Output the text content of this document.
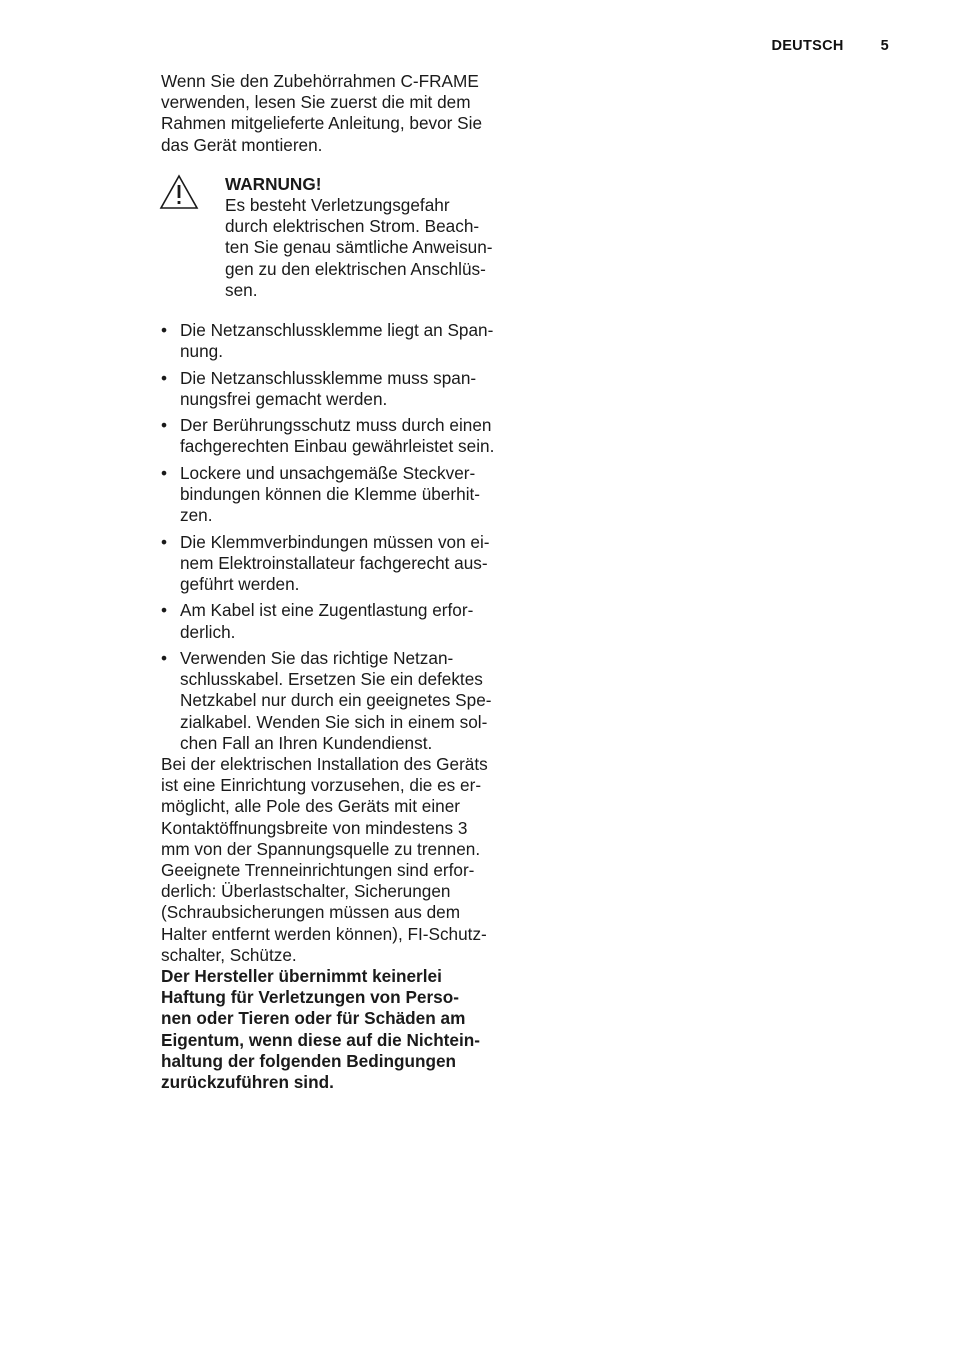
DEUTSCH	5

Wenn Sie den Zubehörrahmen C-FRAME
verwenden, lesen Sie zuerst die mit dem
Rahmen mitgelieferte Anleitung, bevor Sie
das Gerät montieren.

WARNUNG!
Es besteht Verletzungsgefahr
durch elektrischen Strom. Beach-
ten Sie genau sämtliche Anweisun-
gen zu den elektrischen Anschlüs-
sen.
• Die Netzanschlussklemme liegt an Span-
nung.
• Die Netzanschlussklemme muss span-
nungsfrei gemacht werden.
• Der Berührungsschutz muss durch einen
fachgerechten Einbau gewährleistet sein.
• Lockere und unsachgemäße Steckver-
bindungen können die Klemme überhit-
zen.
• Die Klemmverbindungen müssen von ei-
nem Elektroinstallateur fachgerecht aus-
geführt werden.
• Am Kabel ist eine Zugentlastung erfor-
derlich.
• Verwenden Sie das richtige Netzan-
schlusskabel. Ersetzen Sie ein defektes
Netzkabel nur durch ein geeignetes Spe-
zialkabel. Wenden Sie sich in einem sol-
chen Fall an Ihren Kundendienst.

Bei der elektrischen Installation des Geräts
ist eine Einrichtung vorzusehen, die es er-
möglicht, alle Pole des Geräts mit einer
Kontaktöffnungsbreite von mindestens 3
mm von der Spannungsquelle zu trennen.
Geeignete Trenneinrichtungen sind erfor-
derlich: Überlastschalter, Sicherungen
(Schraubsicherungen müssen aus dem
Halter entfernt werden können), FI-Schutz-
schalter, Schütze.

Der Hersteller übernimmt keinerlei
Haftung für Verletzungen von Perso-
nen oder Tieren oder für Schäden am
Eigentum, wenn diese auf die Nichtein-
haltung der folgenden Bedingungen
zurückzuführen sind.
